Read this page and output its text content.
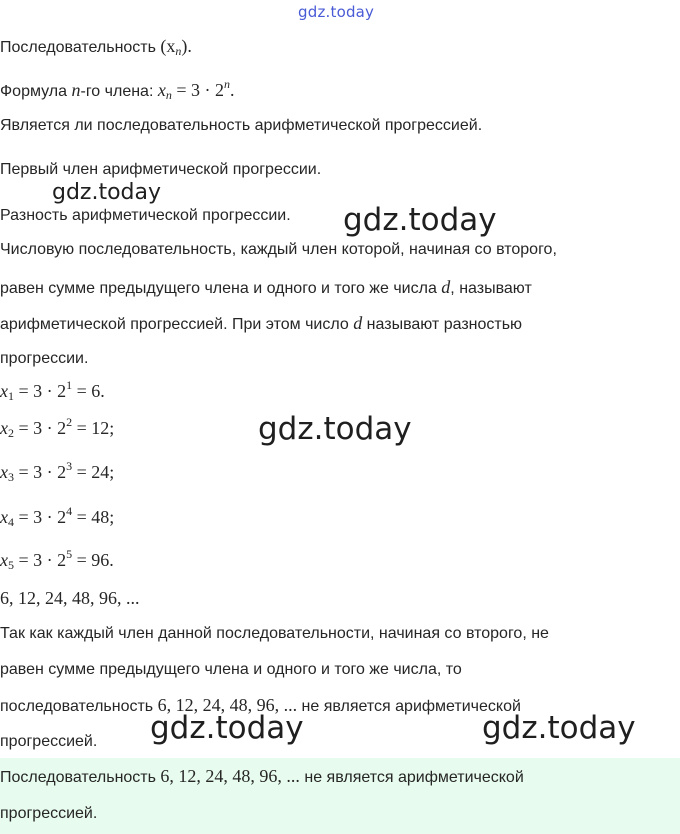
gdz.today
Последовательность $(x_n)$.
Формула n-го члена: $x_n = 3 \cdot 2^n$.
Является ли последовательность арифметической прогрессией.
Первый член арифметической прогрессии.
gdz.today
Разность арифметической прогрессии. gdz.today
Числовую последовательность, каждый член которой, начиная со второго,
равен сумме предыдущего члена и одного и того же числа d, называют
арифметической прогрессией. При этом число d называют разностью
прогрессии.
$x_1 = 3 \cdot 2^1 = 6$.
$x_2 = 3 \cdot 2^2 = 12$;	gdz.today
$x_3 = 3 \cdot 2^3 = 24$;
$x_4 = 3 \cdot 2^4 = 48$;
$x_5 = 3 \cdot 2^5 = 96$.
6, 12, 24, 48, 96, ...
Так как каждый член данной последовательности, начиная со второго, не
равен сумме предыдущего члена и одного и того же числа, то
последовательность 6, 12, 24, 48, 96, ... не является арифметической
прогрессией. gdz.today	gdz.today
Последовательность 6, 12, 24, 48, 96, ... не является арифметической
прогрессией.
